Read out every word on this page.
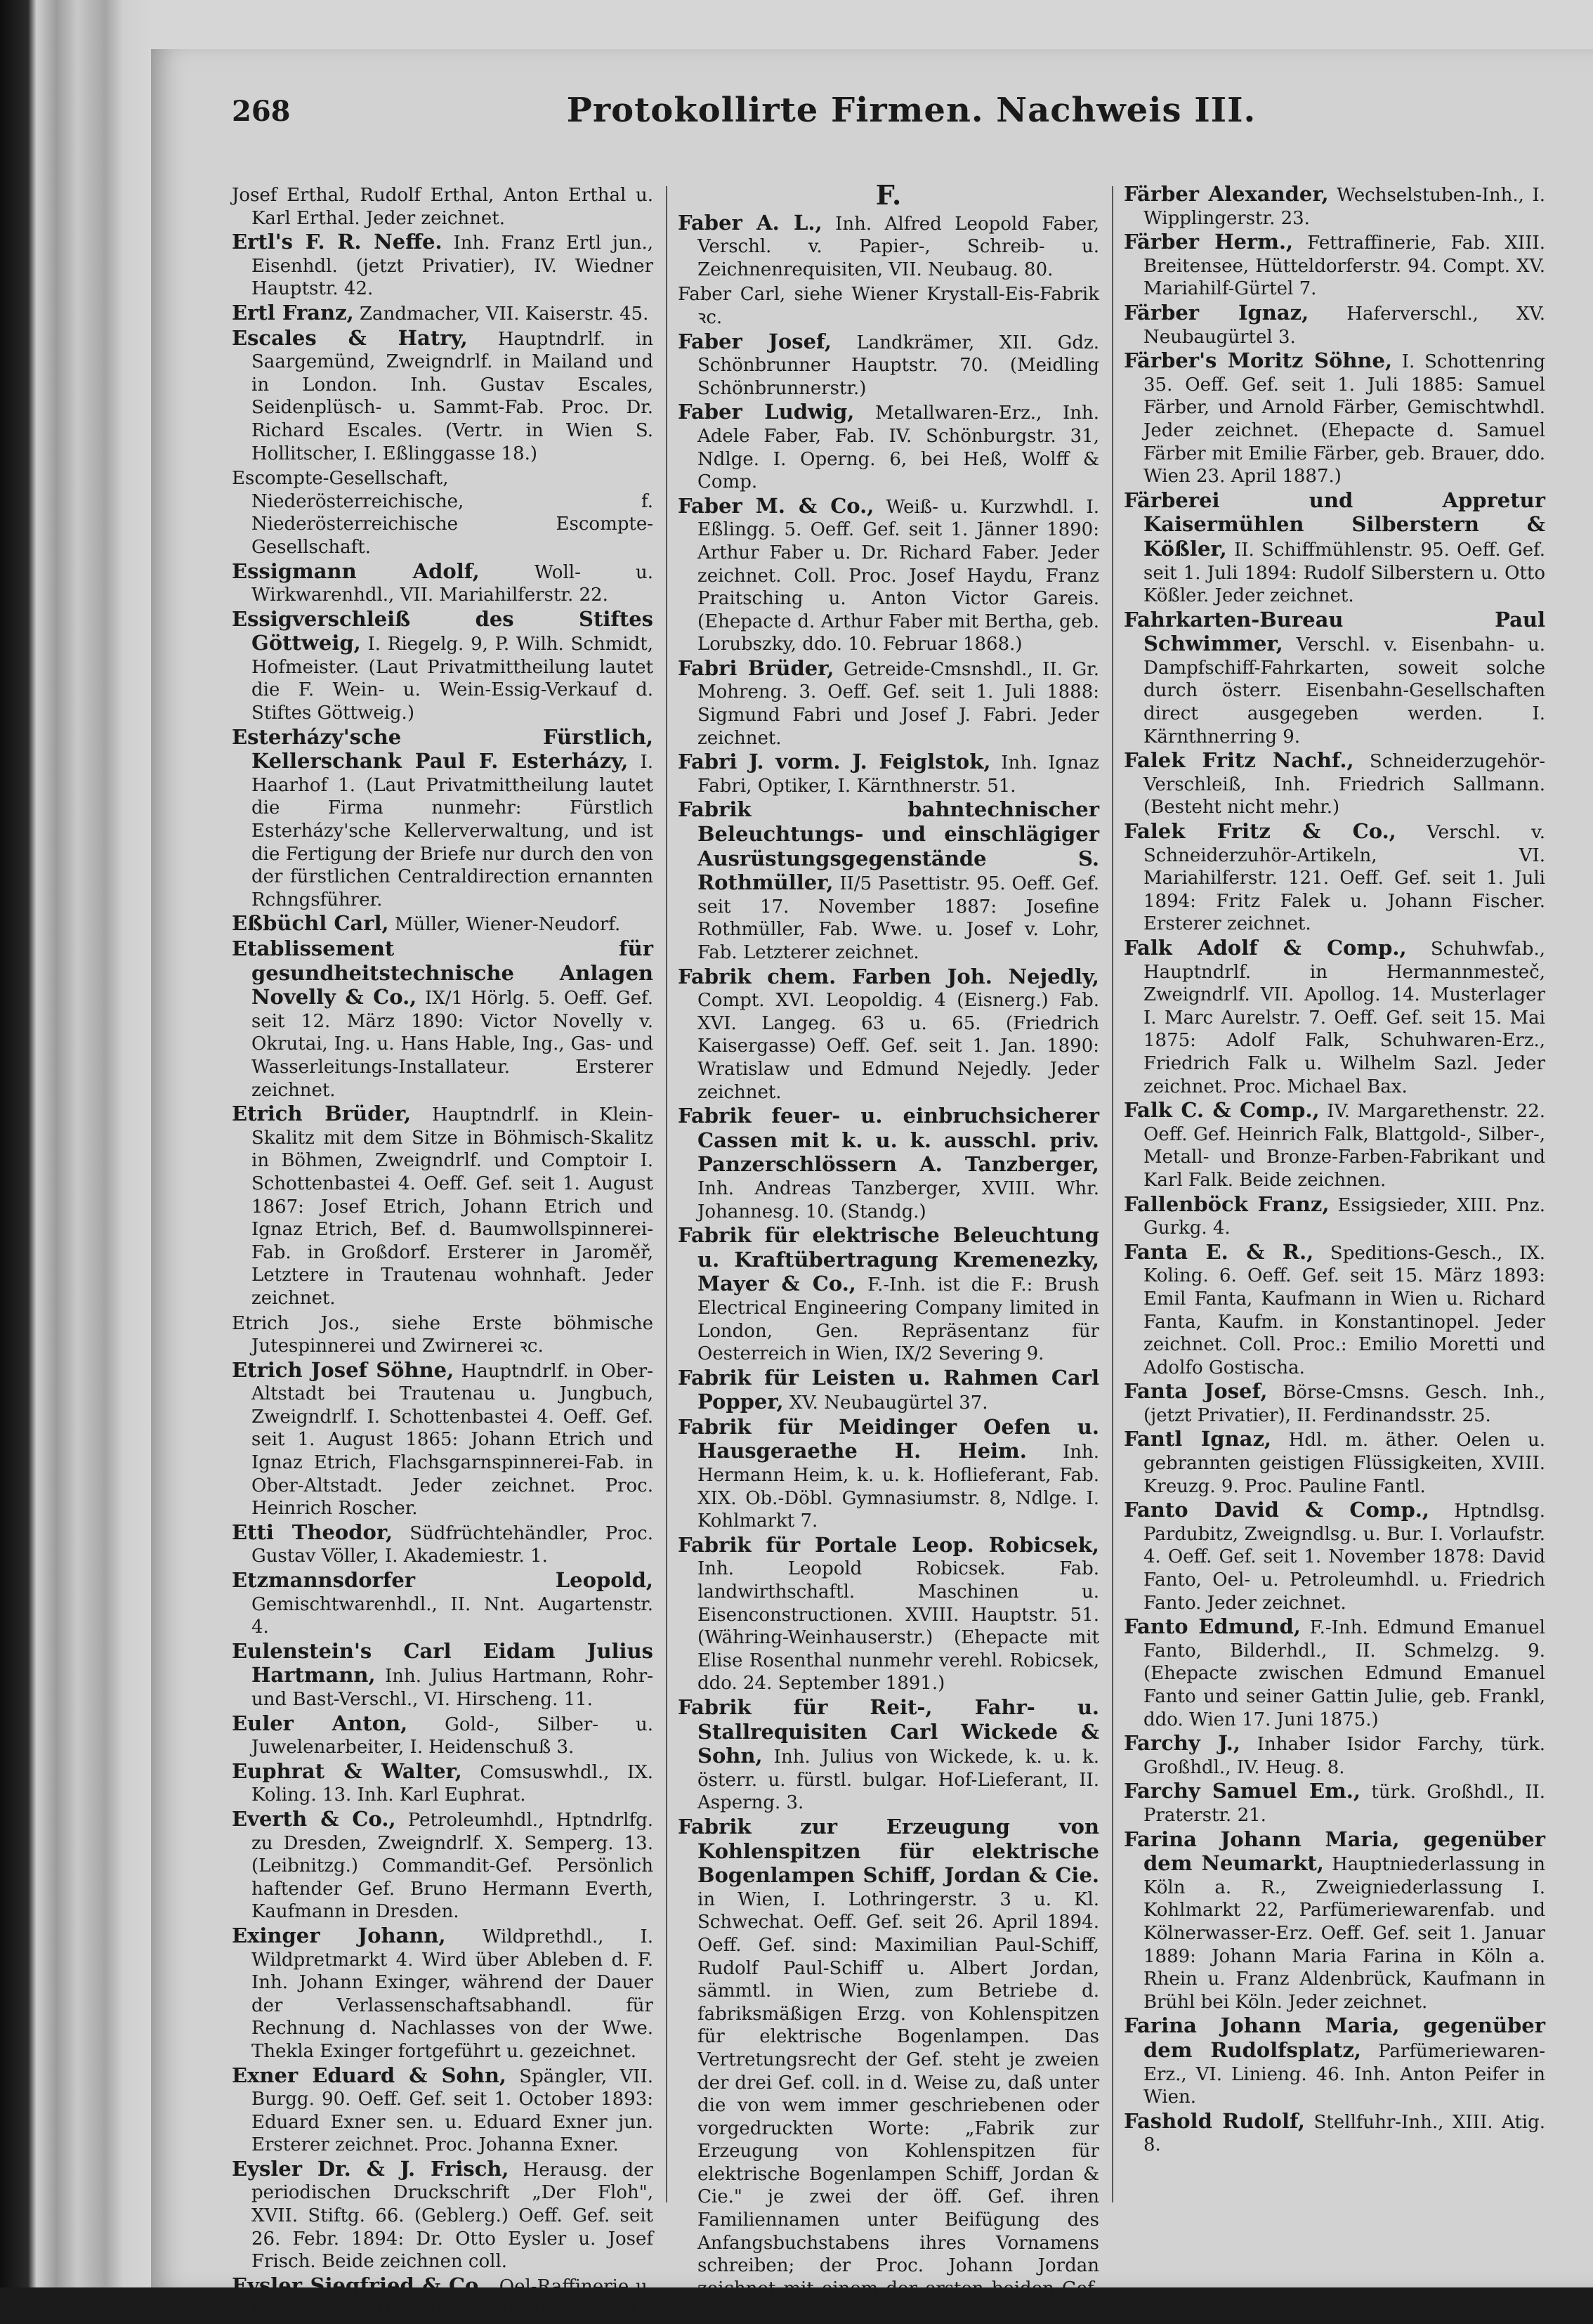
268	Protokollirte Firmen. Nachweis III.

Josef Erthal, Rudolf Erthal, Anton Erthal u. Karl Erthal. Jeder zeichnet.

Ertl's F. R. Neffe. Inh. Franz Ertl jun., Eisenhdl. (jetzt Privatier), IV. Wiedner Hauptstr. 42.

Ertl Franz, Zandmacher, VII. Kaiserstr. 45.

Escales & Hatry, Hauptndrlf. in Saargemünd, Zweigndrlf. in Mailand und in London. Inh. Gustav Escales, Seidenplüsch- u. Sammt-Fab. Proc. Dr. Richard Escales. (Vertr. in Wien S. Hollitscher, I. Eßlinggasse 18.)

Escompte-Gesellschaft, Niederösterreichische, f. Niederösterreichische Escompte-Gesellschaft.

Essigmann Adolf, Woll- u. Wirkwarenhdl., VII. Mariahilferstr. 22.

Essigverschleiß des Stiftes Göttweig, I. Riegelg. 9, P. Wilh. Schmidt, Hofmeister. (Laut Privatmittheilung lautet die F. Wein- u. Wein-Essig-Verkauf d. Stiftes Göttweig.)

Esterházy'sche Fürstlich, Kellerschank Paul F. Esterházy, I. Haarhof 1. (Laut Privatmittheilung lautet die Firma nunmehr: Fürstlich Esterházy'sche Kellerverwaltung, und ist die Fertigung der Briefe nur durch den von der fürstlichen Centraldirection ernannten Rchngsführer.

Eßbüchl Carl, Müller, Wiener-Neudorf.

Etablissement für gesundheitstechnische Anlagen Novelly & Co., IX/1 Hörlg. 5. Oeff. Gef. seit 12. März 1890: Victor Novelly v. Okrutai, Ing. u. Hans Hable, Ing., Gas- und Wasserleitungs-Installateur. Ersterer zeichnet.

Etrich Brüder, Hauptndrlf. in Klein-Skalitz mit dem Sitze in Böhmisch-Skalitz in Böhmen, Zweigndrlf. und Comptoir I. Schottenbastei 4. Oeff. Gef. seit 1. August 1867: Josef Etrich, Johann Etrich und Ignaz Etrich, Bef. d. Baumwollspinnerei-Fab. in Großdorf. Ersterer in Jaroměř, Letztere in Trautenau wohnhaft. Jeder zeichnet.

Etrich Jos., siehe Erste böhmische Jutespinnerei und Zwirnerei ꝛc.

Etrich Josef Söhne, Hauptndrlf. in Ober-Altstadt bei Trautenau u. Jungbuch, Zweigndrlf. I. Schottenbastei 4. Oeff. Gef. seit 1. August 1865: Johann Etrich und Ignaz Etrich, Flachsgarnspinnerei-Fab. in Ober-Altstadt. Jeder zeichnet. Proc. Heinrich Roscher.

Etti Theodor, Südfrüchtehändler, Proc. Gustav Völler, I. Akademiestr. 1.

Etzmannsdorfer Leopold, Gemischtwarenhdl., II. Nnt. Augartenstr. 4.

Eulenstein's Carl Eidam Julius Hartmann, Inh. Julius Hartmann, Rohr- und Bast-Verschl., VI. Hirscheng. 11.

Euler Anton, Gold-, Silber- u. Juwelenarbeiter, I. Heidenschuß 3.

Euphrat & Walter, Comsuswhdl., IX. Koling. 13. Inh. Karl Euphrat.

Everth & Co., Petroleumhdl., Hptndrlfg. zu Dresden, Zweigndrlf. X. Semperg. 13. (Leibnitzg.) Commandit-Gef. Persönlich haftender Gef. Bruno Hermann Everth, Kaufmann in Dresden.

Exinger Johann, Wildprethdl., I. Wildpretmarkt 4. Wird über Ableben d. F. Inh. Johann Exinger, während der Dauer der Verlassenschaftsabhandl. für Rechnung d. Nachlasses von der Wwe. Thekla Exinger fortgeführt u. gezeichnet.

Exner Eduard & Sohn, Spängler, VII. Burgg. 90. Oeff. Gef. seit 1. October 1893: Eduard Exner sen. u. Eduard Exner jun. Ersterer zeichnet. Proc. Johanna Exner.

Eysler Dr. & J. Frisch, Herausg. der periodischen Druckschrift „Der Floh", XVII. Stiftg. 66. (Geblerg.) Oeff. Gef. seit 26. Febr. 1894: Dr. Otto Eysler u. Josef Frisch. Beide zeichnen coll.

Eysler Siegfried & Co., Oel-Raffinerie u. Fettwfab., XVII. Stiftg. 66. (Geblergasse.)

F.

Faber A. L., Inh. Alfred Leopold Faber, Verschl. v. Papier-, Schreib- u. Zeichnenrequisiten, VII. Neubaug. 80.

Faber Carl, siehe Wiener Krystall-Eis-Fabrik ꝛc.

Faber Josef, Landkrämer, XII. Gdz. Schönbrunner Hauptstr. 70. (Meidling Schönbrunnerstr.)

Faber Ludwig, Metallwaren-Erz., Inh. Adele Faber, Fab. IV. Schönburgstr. 31, Ndlge. I. Operng. 6, bei Heß, Wolff & Comp.

Faber M. & Co., Weiß- u. Kurzwhdl. I. Eßlingg. 5. Oeff. Gef. seit 1. Jänner 1890: Arthur Faber u. Dr. Richard Faber. Jeder zeichnet. Coll. Proc. Josef Haydu, Franz Praitsching u. Anton Victor Gareis. (Ehepacte d. Arthur Faber mit Bertha, geb. Lorubszky, ddo. 10. Februar 1868.)

Fabri Brüder, Getreide-Cmsnshdl., II. Gr. Mohreng. 3. Oeff. Gef. seit 1. Juli 1888: Sigmund Fabri und Josef J. Fabri. Jeder zeichnet.

Fabri J. vorm. J. Feiglstok, Inh. Ignaz Fabri, Optiker, I. Kärnthnerstr. 51.

Fabrik bahntechnischer Beleuchtungs- und einschlägiger Ausrüstungsgegenstände S. Rothmüller, II/5 Pasettistr. 95. Oeff. Gef. seit 17. November 1887: Josefine Rothmüller, Fab. Wwe. u. Josef v. Lohr, Fab. Letzterer zeichnet.

Fabrik chem. Farben Joh. Nejedly, Compt. XVI. Leopoldig. 4 (Eisnerg.) Fab. XVI. Langeg. 63 u. 65. (Friedrich Kaisergasse) Oeff. Gef. seit 1. Jan. 1890: Wratislaw und Edmund Nejedly. Jeder zeichnet.

Fabrik feuer- u. einbruchsicherer Cassen mit k. u. k. ausschl. priv. Panzerschlössern A. Tanzberger, Inh. Andreas Tanzberger, XVIII. Whr. Johannesg. 10. (Standg.)

Fabrik für elektrische Beleuchtung u. Kraftübertragung Kremenezky, Mayer & Co., F.-Inh. ist die F.: Brush Electrical Engineering Company limited in London, Gen. Repräsentanz für Oesterreich in Wien, IX/2 Severing 9.

Fabrik für Leisten u. Rahmen Carl Popper, XV. Neubaugürtel 37.

Fabrik für Meidinger Oefen u. Hausgeraethe H. Heim. Inh. Hermann Heim, k. u. k. Hoflieferant, Fab. XIX. Ob.-Döbl. Gymnasiumstr. 8, Ndlge. I. Kohlmarkt 7.

Fabrik für Portale Leop. Robicsek, Inh. Leopold Robicsek. Fab. landwirthschaftl. Maschinen u. Eisenconstructionen. XVIII. Hauptstr. 51. (Währing-Weinhauserstr.) (Ehepacte mit Elise Rosenthal nunmehr verehl. Robicsek, ddo. 24. September 1891.)

Fabrik für Reit-, Fahr- u. Stallrequisiten Carl Wickede & Sohn, Inh. Julius von Wickede, k. u. k. österr. u. fürstl. bulgar. Hof-Lieferant, II. Asperng. 3.

Fabrik zur Erzeugung von Kohlenspitzen für elektrische Bogenlampen Schiff, Jordan & Cie. in Wien, I. Lothringerstr. 3 u. Kl. Schwechat. Oeff. Gef. seit 26. April 1894. Oeff. Gef. sind: Maximilian Paul-Schiff, Rudolf Paul-Schiff u. Albert Jordan, sämmtl. in Wien, zum Betriebe d. fabriksmäßigen Erzg. von Kohlenspitzen für elektrische Bogenlampen. Das Vertretungsrecht der Gef. steht je zweien der drei Gef. coll. in d. Weise zu, daß unter die von wem immer geschriebenen oder vorgedruckten Worte: „Fabrik zur Erzeugung von Kohlenspitzen für elektrische Bogenlampen Schiff, Jordan & Cie." je zwei der öff. Gef. ihren Familiennamen unter Beifügung des Anfangsbuchstabens ihres Vornamens schreiben; der Proc. Johann Jordan zeichnet mit einem der ersten beiden Gef. coll.

Färber Alexander, Wechselstuben-Inh., I. Wipplingerstr. 23.

Färber Herm., Fettraffinerie, Fab. XIII. Breitensee, Hütteldorferstr. 94. Compt. XV. Mariahilf-Gürtel 7.

Färber Ignaz, Haferverschl., XV. Neubaugürtel 3.

Färber's Moritz Söhne, I. Schottenring 35. Oeff. Gef. seit 1. Juli 1885: Samuel Färber, und Arnold Färber, Gemischtwhdl. Jeder zeichnet. (Ehepacte d. Samuel Färber mit Emilie Färber, geb. Brauer, ddo. Wien 23. April 1887.)

Färberei und Appretur Kaisermühlen Silberstern & Kößler, II. Schiffmühlenstr. 95. Oeff. Gef. seit 1. Juli 1894: Rudolf Silberstern u. Otto Kößler. Jeder zeichnet.

Fahrkarten-Bureau Paul Schwimmer, Verschl. v. Eisenbahn- u. Dampfschiff-Fahrkarten, soweit solche durch österr. Eisenbahn-Gesellschaften direct ausgegeben werden. I. Kärnthnerring 9.

Falek Fritz Nachf., Schneiderzugehör-Verschleiß, Inh. Friedrich Sallmann. (Besteht nicht mehr.)

Falek Fritz & Co., Verschl. v. Schneiderzuhör-Artikeln, VI. Mariahilferstr. 121. Oeff. Gef. seit 1. Juli 1894: Fritz Falek u. Johann Fischer. Ersterer zeichnet.

Falk Adolf & Comp., Schuhwfab., Hauptndrlf. in Hermannmesteč, Zweigndrlf. VII. Apollog. 14. Musterlager I. Marc Aurelstr. 7. Oeff. Gef. seit 15. Mai 1875: Adolf Falk, Schuhwaren-Erz., Friedrich Falk u. Wilhelm Sazl. Jeder zeichnet. Proc. Michael Bax.

Falk C. & Comp., IV. Margarethenstr. 22. Oeff. Gef. Heinrich Falk, Blattgold-, Silber-, Metall- und Bronze-Farben-Fabrikant und Karl Falk. Beide zeichnen.

Fallenböck Franz, Essigsieder, XIII. Pnz. Gurkg. 4.

Fanta E. & R., Speditions-Gesch., IX. Koling. 6. Oeff. Gef. seit 15. März 1893: Emil Fanta, Kaufmann in Wien u. Richard Fanta, Kaufm. in Konstantinopel. Jeder zeichnet. Coll. Proc.: Emilio Moretti und Adolfo Gostischa.

Fanta Josef, Börse-Cmsns. Gesch. Inh., (jetzt Privatier), II. Ferdinandsstr. 25.

Fantl Ignaz, Hdl. m. äther. Oelen u. gebrannten geistigen Flüssigkeiten, XVIII. Kreuzg. 9. Proc. Pauline Fantl.

Fanto David & Comp., Hptndlsg. Pardubitz, Zweigndlsg. u. Bur. I. Vorlaufstr. 4. Oeff. Gef. seit 1. November 1878: David Fanto, Oel- u. Petroleumhdl. u. Friedrich Fanto. Jeder zeichnet.

Fanto Edmund, F.-Inh. Edmund Emanuel Fanto, Bilderhdl., II. Schmelzg. 9. (Ehepacte zwischen Edmund Emanuel Fanto und seiner Gattin Julie, geb. Frankl, ddo. Wien 17. Juni 1875.)

Farchy J., Inhaber Isidor Farchy, türk. Großhdl., IV. Heug. 8.

Farchy Samuel Em., türk. Großhdl., II. Praterstr. 21.

Farina Johann Maria, gegenüber dem Neumarkt, Hauptniederlassung in Köln a. R., Zweigniederlassung I. Kohlmarkt 22, Parfümeriewarenfab. und Kölnerwasser-Erz. Oeff. Gef. seit 1. Januar 1889: Johann Maria Farina in Köln a. Rhein u. Franz Aldenbrück, Kaufmann in Brühl bei Köln. Jeder zeichnet.

Farina Johann Maria, gegenüber dem Rudolfsplatz, Parfümeriewaren-Erz., VI. Linieng. 46. Inh. Anton Peifer in Wien.

Fashold Rudolf, Stellfuhr-Inh., XIII. Atig. 8.
